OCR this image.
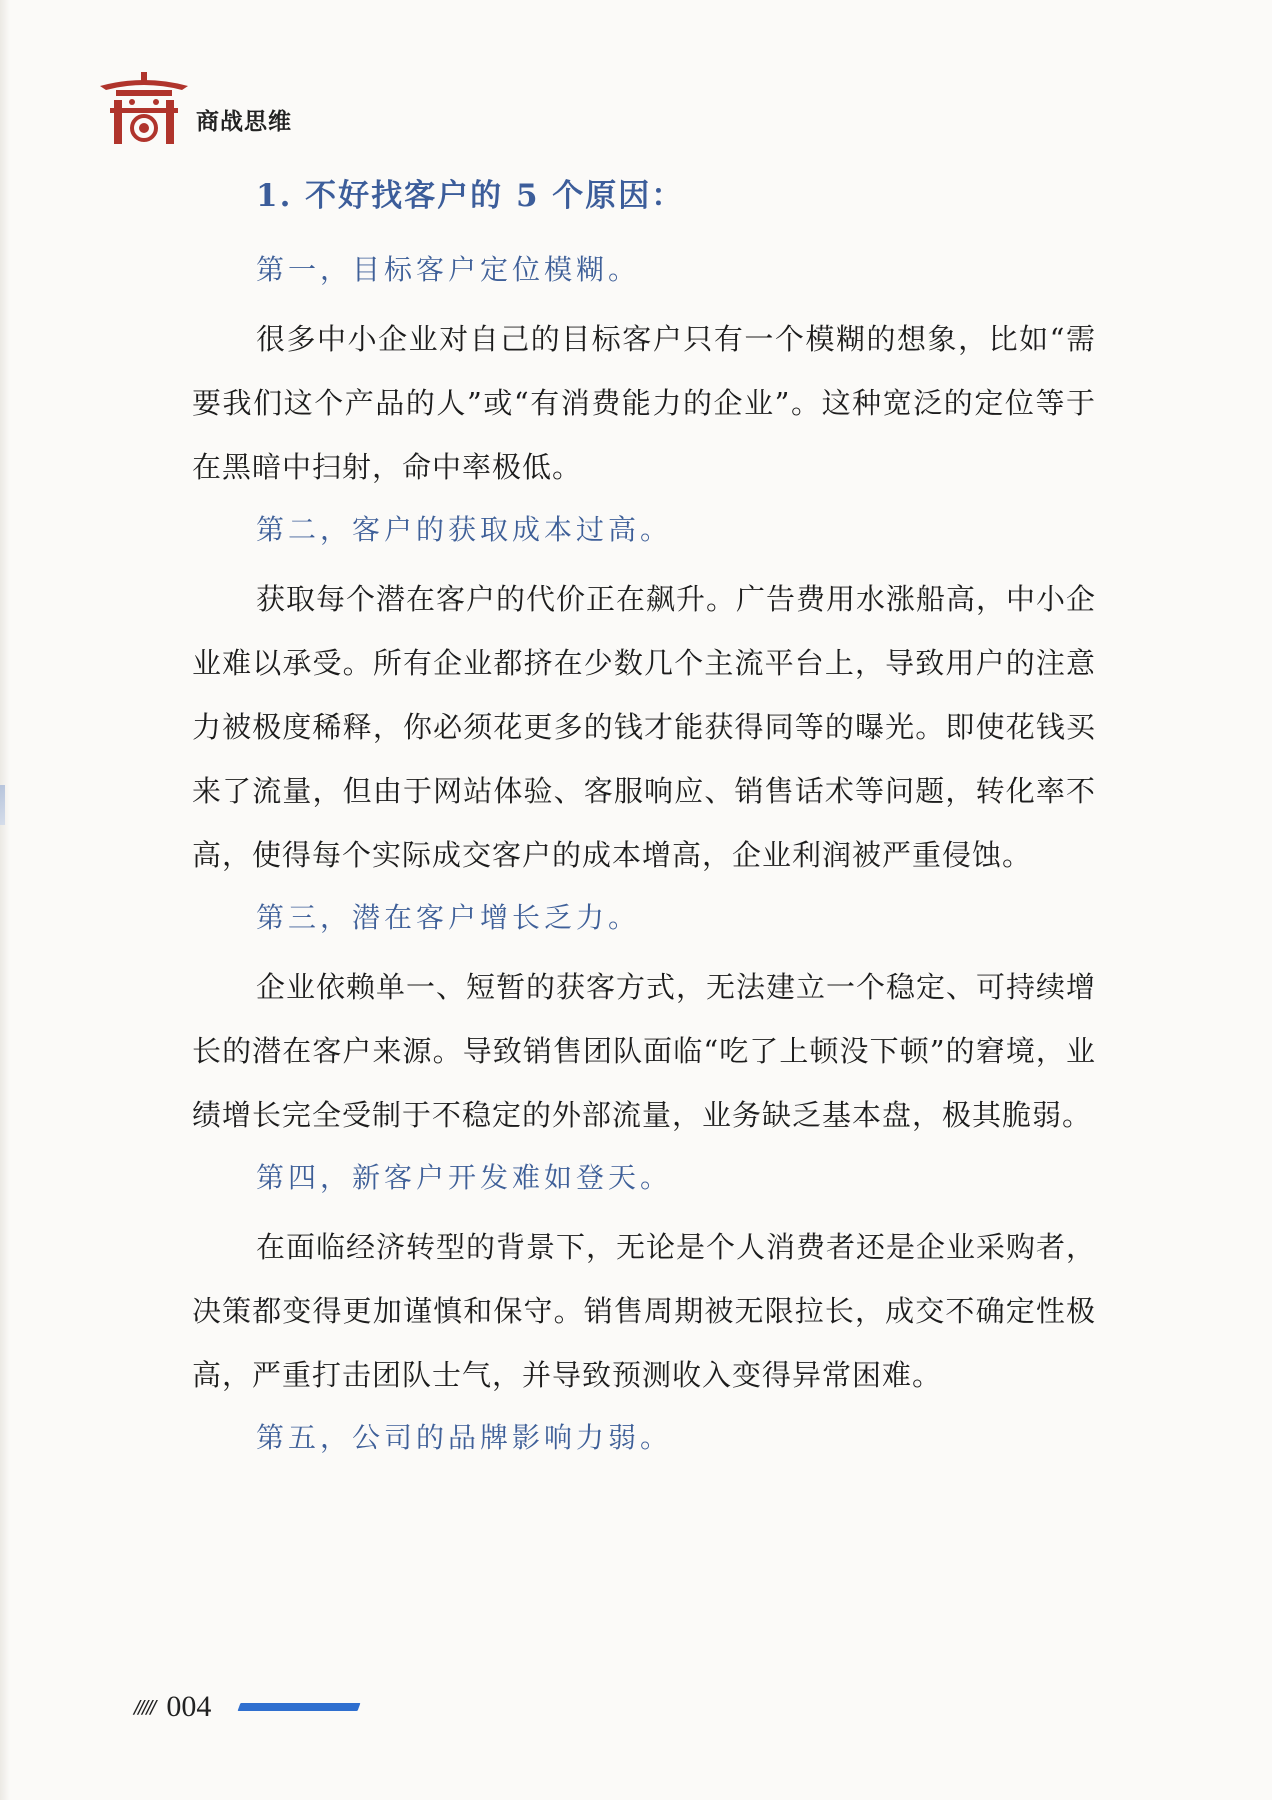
商战思维
1. 不好找客户的 5 个原因：
第一，目标客户定位模糊。

很多中小企业对自己的目标客户只有一个模糊的想象，比如“需要我们这个产品的人”或“有消费能力的企业”。这种宽泛的定位等于在黑暗中扫射，命中率极低。

第二，客户的获取成本过高。

获取每个潜在客户的代价正在飙升。广告费用水涨船高，中小企业难以承受。所有企业都挤在少数几个主流平台上，导致用户的注意力被极度稀释，你必须花更多的钱才能获得同等的曝光。即使花钱买来了流量，但由于网站体验、客服响应、销售话术等问题，转化率不高，使得每个实际成交客户的成本增高，企业利润被严重侵蚀。

第三，潜在客户增长乏力。

企业依赖单一、短暂的获客方式，无法建立一个稳定、可持续增长的潜在客户来源。导致销售团队面临“吃了上顿没下顿”的窘境，业绩增长完全受制于不稳定的外部流量，业务缺乏基本盘，极其脆弱。

第四，新客户开发难如登天。

在面临经济转型的背景下，无论是个人消费者还是企业采购者，决策都变得更加谨慎和保守。销售周期被无限拉长，成交不确定性极高，严重打击团队士气，并导致预测收入变得异常困难。

第五，公司的品牌影响力弱。
///// 004
